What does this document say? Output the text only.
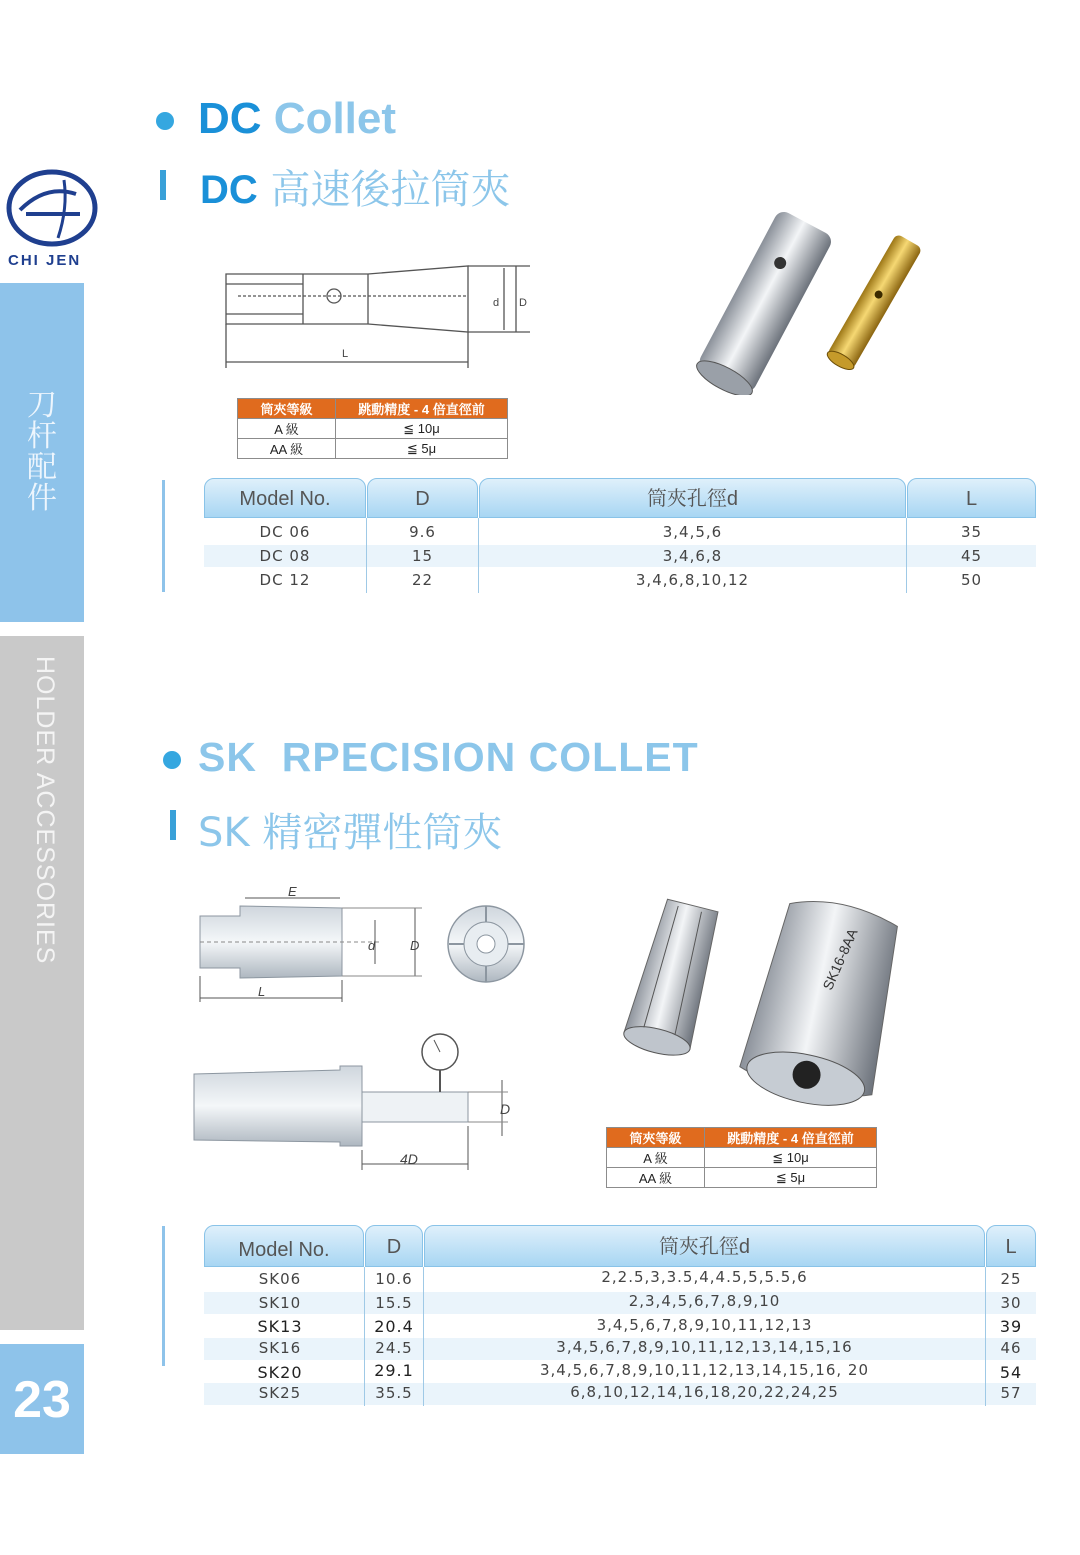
CHI JEN
刀杆配件
HOLDER ACCESSORIES
23
DC Collet
DC 高速後拉筒夾
d D
L
筒夾等級	跳動精度 - 4 倍直徑前
A 級	≦ 10μ
AA 級	≦ 5μ
Model No.	D	筒夾孔徑d	L
DC 06	9.6	3,4,5,6	35
DC 08	15	3,4,6,8	45
DC 12	22	3,4,6,8,10,12	50
SK  RPECISION COLLET
SK 精密彈性筒夾
E
d	D
L
D
4D
SK16-8AA
筒夾等級	跳動精度 - 4 倍直徑前
A 級	≦ 10μ
AA 級	≦ 5μ
Model No.	D	筒夾孔徑d	L
SK06	10.6	2,2.5,3,3.5,4,4.5,5,5.5,6	25
SK10	15.5	2,3,4,5,6,7,8,9,10	30
SK13	20.4	3,4,5,6,7,8,9,10,11,12,13	39
SK16	24.5	3,4,5,6,7,8,9,10,11,12,13,14,15,16	46
SK20	29.1	3,4,5,6,7,8,9,10,11,12,13,14,15,16, 20	54
SK25	35.5	6,8,10,12,14,16,18,20,22,24,25	57
